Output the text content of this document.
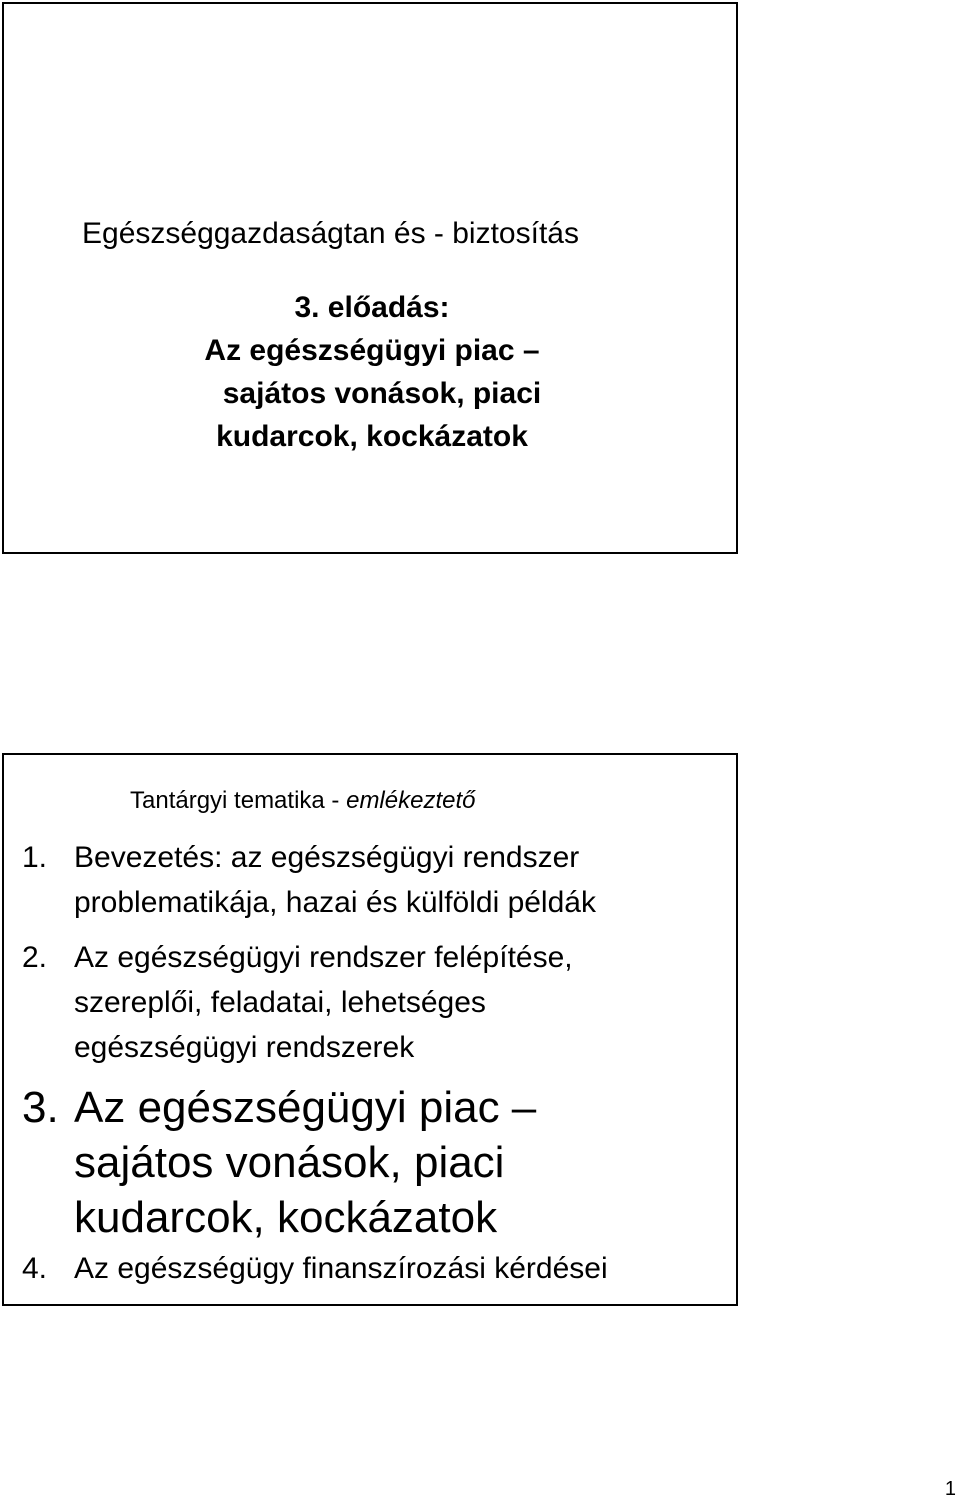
Egészséggazdaságtan és - biztosítás
3. előadás:
Az egészségügyi piac –
sajátos vonások, piaci
kudarcok, kockázatok
Tantárgyi tematika - emlékeztető
1. Bevezetés: az egészségügyi rendszer
problematikája, hazai és külföldi példák
2. Az egészségügyi rendszer felépítése,
szereplői, feladatai, lehetséges
egészségügyi rendszerek
3. Az egészségügyi piac –
sajátos vonások, piaci
kudarcok, kockázatok
4. Az egészségügy finanszírozási kérdései
1
